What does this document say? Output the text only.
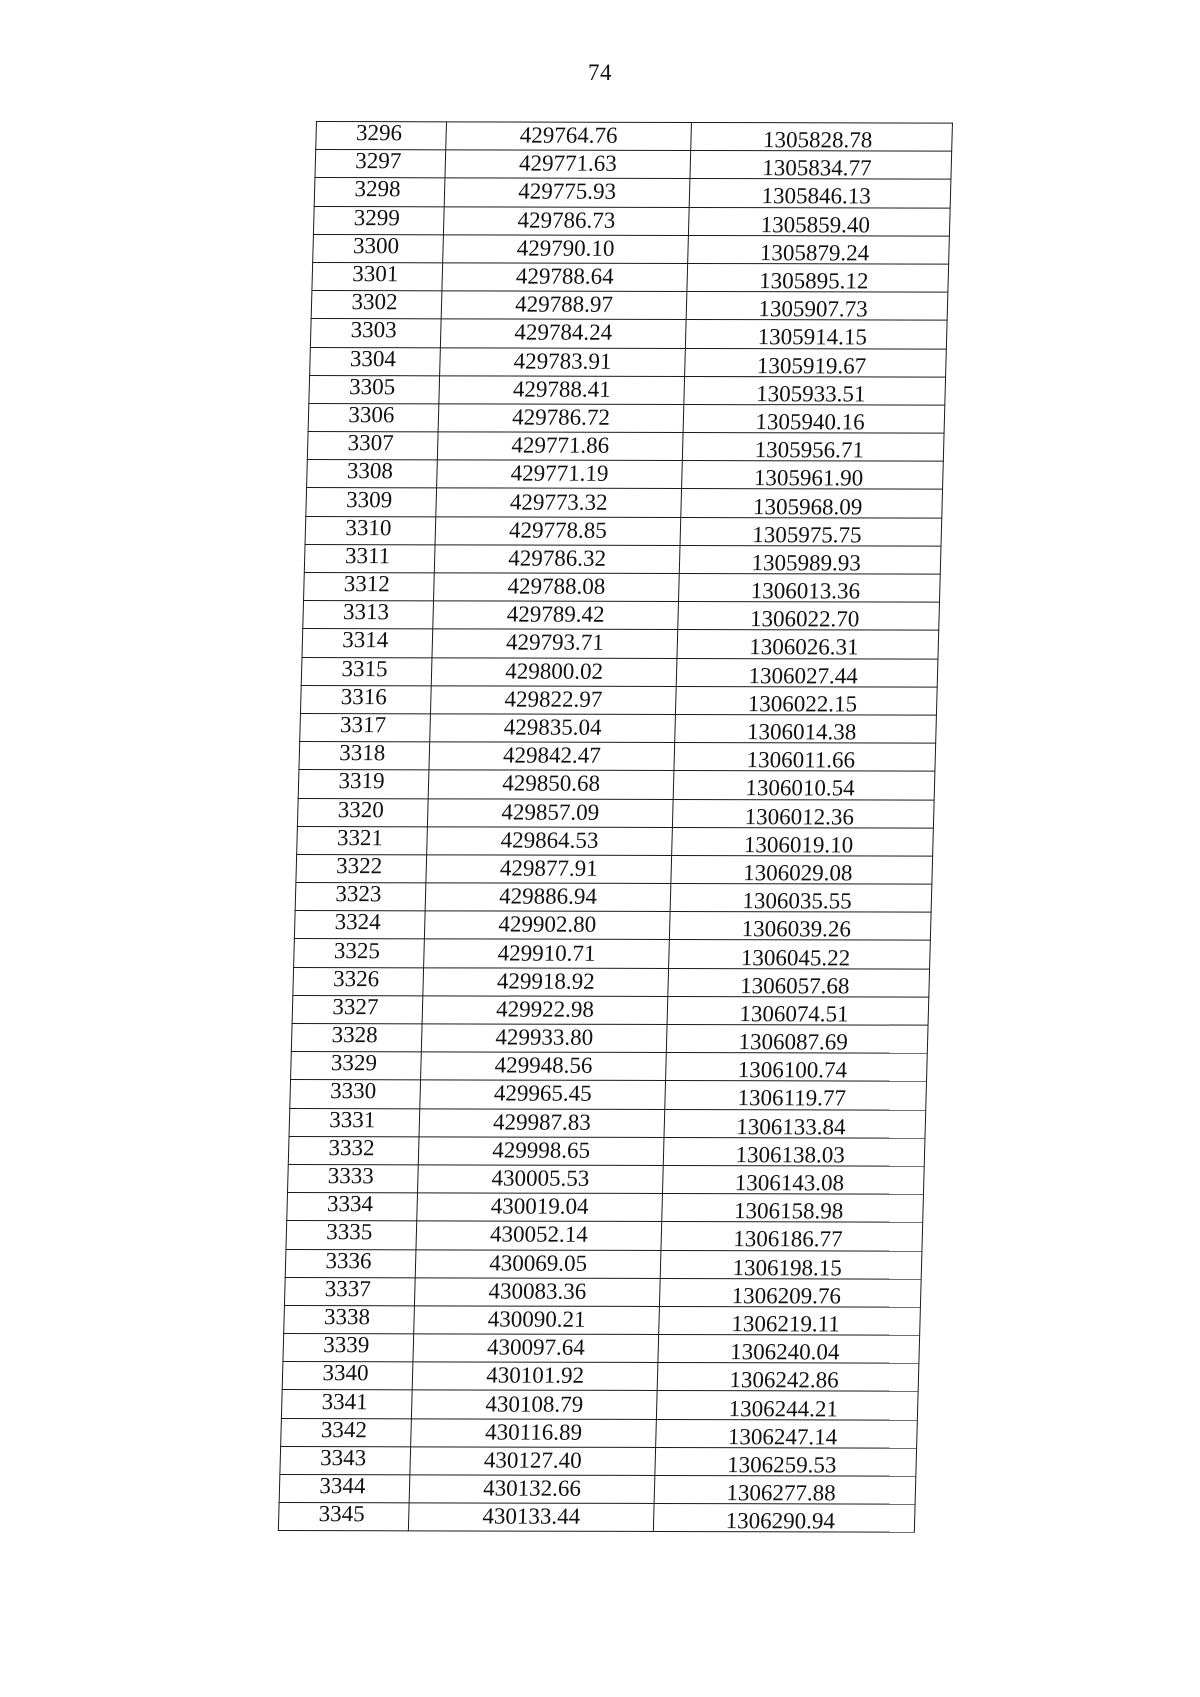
74
3296	429764.76	1305828.78
3297	429771.63	1305834.77
3298	429775.93	1305846.13
3299	429786.73	1305859.40
3300	429790.10	1305879.24
3301	429788.64	1305895.12
3302	429788.97	1305907.73
3303	429784.24	1305914.15
3304	429783.91	1305919.67
3305	429788.41	1305933.51
3306	429786.72	1305940.16
3307	429771.86	1305956.71
3308	429771.19	1305961.90
3309	429773.32	1305968.09
3310	429778.85	1305975.75
3311	429786.32	1305989.93
3312	429788.08	1306013.36
3313	429789.42	1306022.70
3314	429793.71	1306026.31
3315	429800.02	1306027.44
3316	429822.97	1306022.15
3317	429835.04	1306014.38
3318	429842.47	1306011.66
3319	429850.68	1306010.54
3320	429857.09	1306012.36
3321	429864.53	1306019.10
3322	429877.91	1306029.08
3323	429886.94	1306035.55
3324	429902.80	1306039.26
3325	429910.71	1306045.22
3326	429918.92	1306057.68
3327	429922.98	1306074.51
3328	429933.80	1306087.69
3329	429948.56	1306100.74
3330	429965.45	1306119.77
3331	429987.83	1306133.84
3332	429998.65	1306138.03
3333	430005.53	1306143.08
3334	430019.04	1306158.98
3335	430052.14	1306186.77
3336	430069.05	1306198.15
3337	430083.36	1306209.76
3338	430090.21	1306219.11
3339	430097.64	1306240.04
3340	430101.92	1306242.86
3341	430108.79	1306244.21
3342	430116.89	1306247.14
3343	430127.40	1306259.53
3344	430132.66	1306277.88
3345	430133.44	1306290.94
